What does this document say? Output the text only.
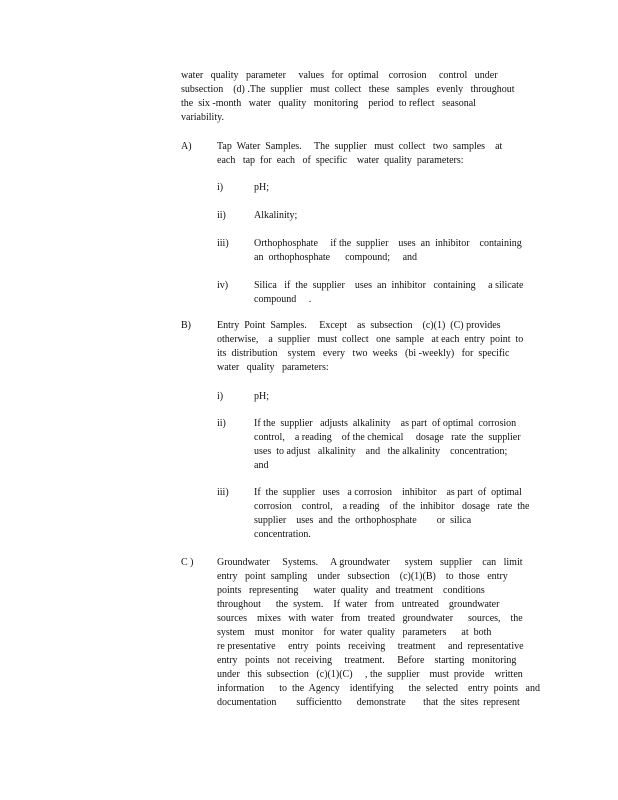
water   quality   parameter     values   for  optimal    corrosion     control   under
subsection    (d) .The  supplier   must  collect   these   samples   evenly   throughout
the  six -month   water   quality   monitoring    period  to reflect   seasonal
variability.
A)	Tap  Water  Samples.     The  supplier   must  collect   two  samples    at
each   tap  for  each   of  specific    water  quality  parameters:
i)	pH;
ii)	Alkalinity;
iii)	Orthophosphate     if the  supplier    uses  an  inhibitor    containing
an  orthophosphate      compound;     and
iv)	Silica   if  the  supplier    uses  an  inhibitor   containing     a silicate
compound     .
B)	Entry  Point  Samples.     Except    as  subsection    (c)(1)  (C) provides
otherwise,    a  supplier   must  collect   one  sample   at each  entry  point  to
its  distribution    system   every   two  weeks   (bi -weekly)   for  specific
water   quality   parameters:
i)	pH;
ii)	If the  supplier   adjusts  alkalinity    as part  of optimal  corrosion
control,    a reading    of the chemical     dosage   rate  the  supplier
uses  to adjust   alkalinity    and   the alkalinity    concentration;
and
iii)	If  the  supplier   uses   a corrosion    inhibitor    as part  of  optimal
corrosion    control,    a reading    of  the  inhibitor   dosage   rate  the
supplier    uses  and  the  orthophosphate        or  silica
concentration.
C ) Groundwater     Systems.     A groundwater      system   supplier    can   limit
entry   point  sampling    under   subsection    (c)(1)(B)    to  those   entry
points   representing      water  quality   and  treatment    conditions
throughout      the  system.    If  water   from   untreated    groundwater
sources    mixes   with  water   from   treated   groundwater      sources,    the
system    must   monitor    for  water  quality   parameters      at  both
re presentative     entry   points   receiving     treatment     and  representative
entry   points   not  receiving     treatment.     Before    starting   monitoring
under   this  subsection   (c)(1)(C)     , the  supplier    must  provide    written
information      to  the  Agency    identifying      the  selected    entry  points   and
documentation        sufficientto      demonstrate       that  the  sites  represent
